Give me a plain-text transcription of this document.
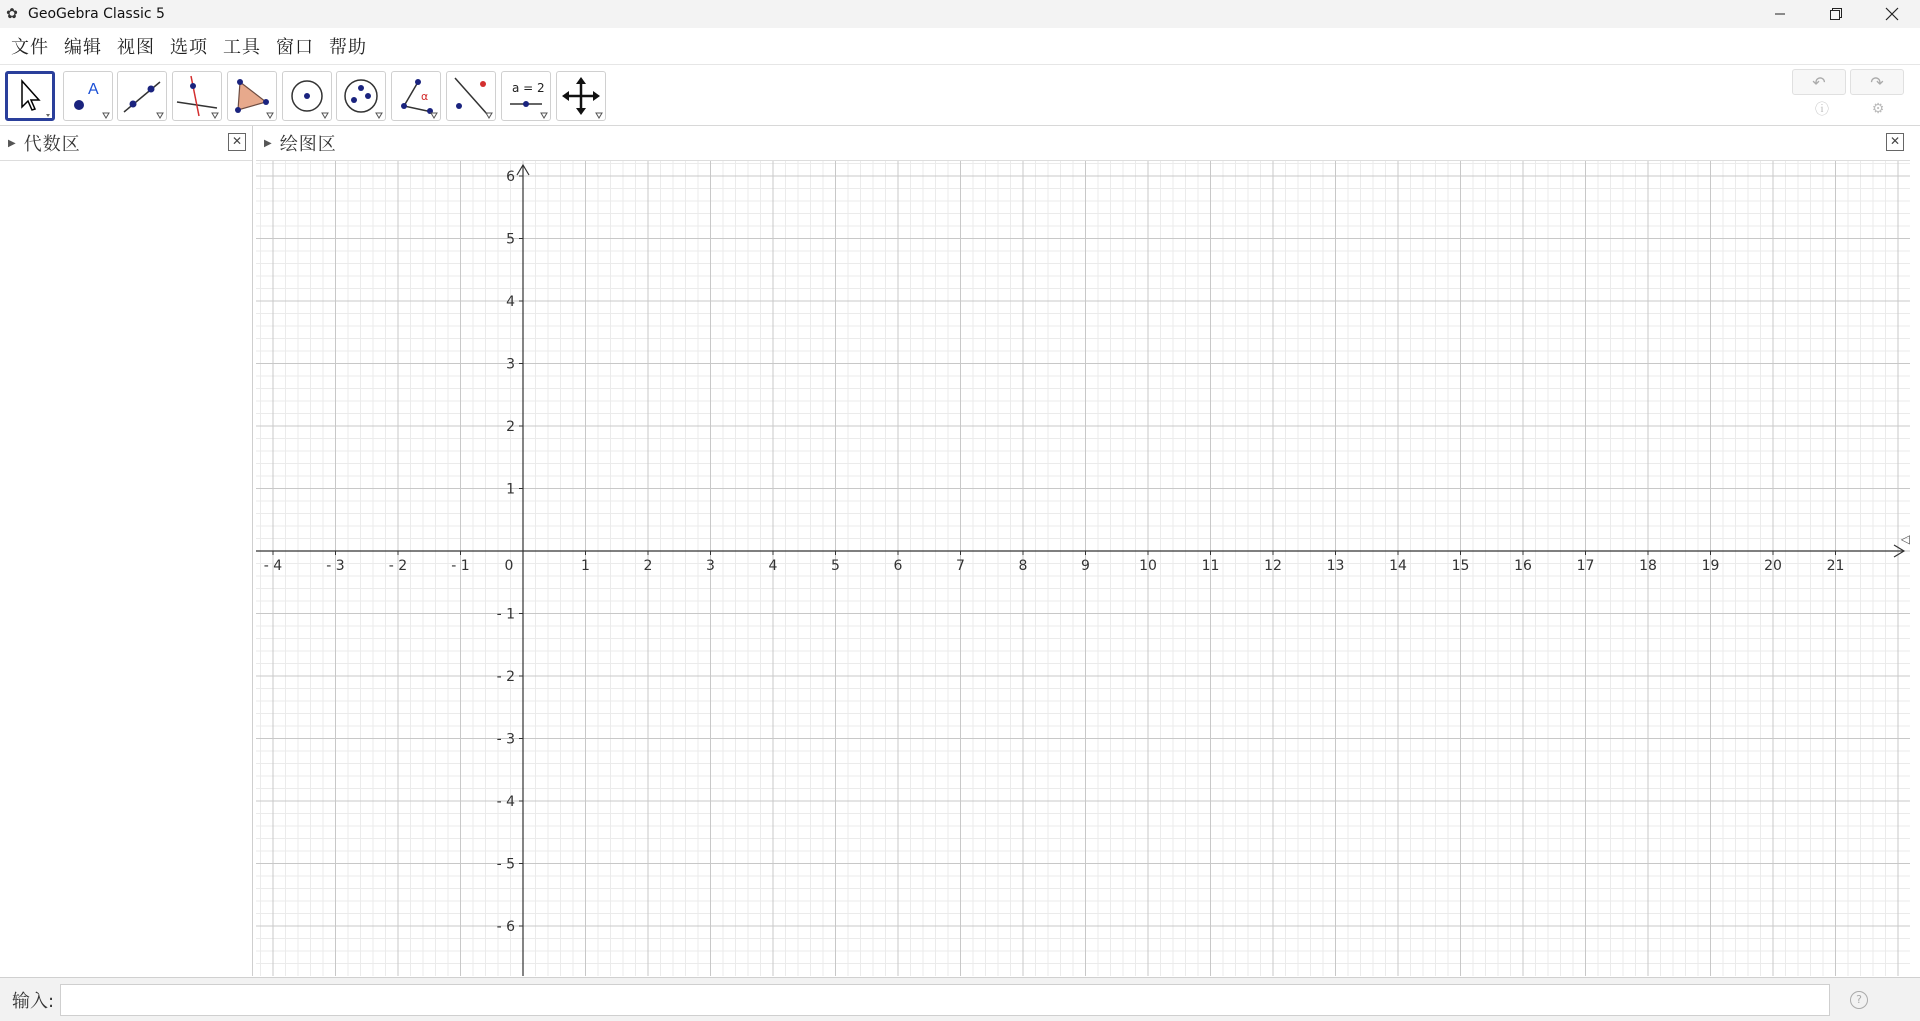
✿ GeoGebra Classic 5
文件 编辑 视图 选项 工具 窗口 帮助
A	α
a = 2	↶	↷
ⓘ	⚙
▶ 代数区	✕	▶ 绘图区	✕
- 4	- 3	- 2	- 1 0	1	2	3	4	5	6	7	8	9	10	11	12	13	14	15	16	17	18	19	20	21
6
5
4
3
2
1
- 1
- 2
- 3
- 4
- 5
- 6
◁
输入:	?
